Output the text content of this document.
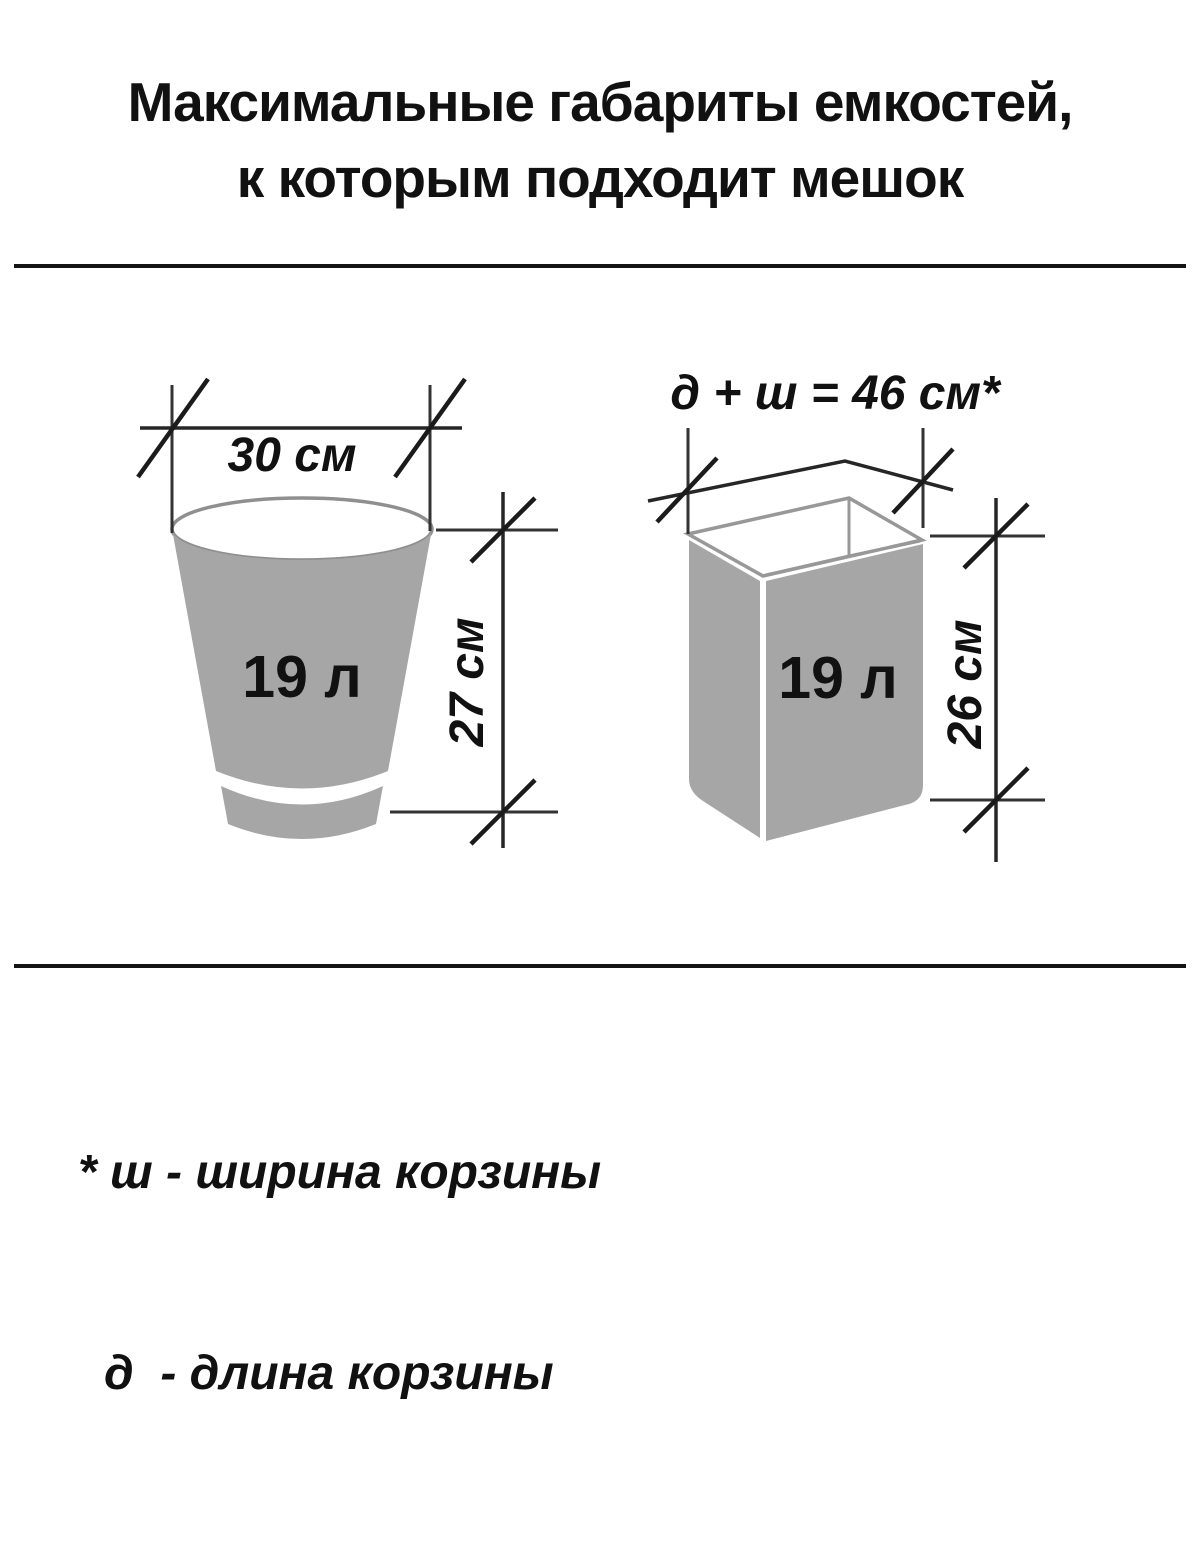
Максимальные габариты емкостей,
к которым подходит мешок
19 л
30 см
27 см	19 л
д + ш = 46 см*
26 см

* ш - ширина корзины

д  - длина корзины
